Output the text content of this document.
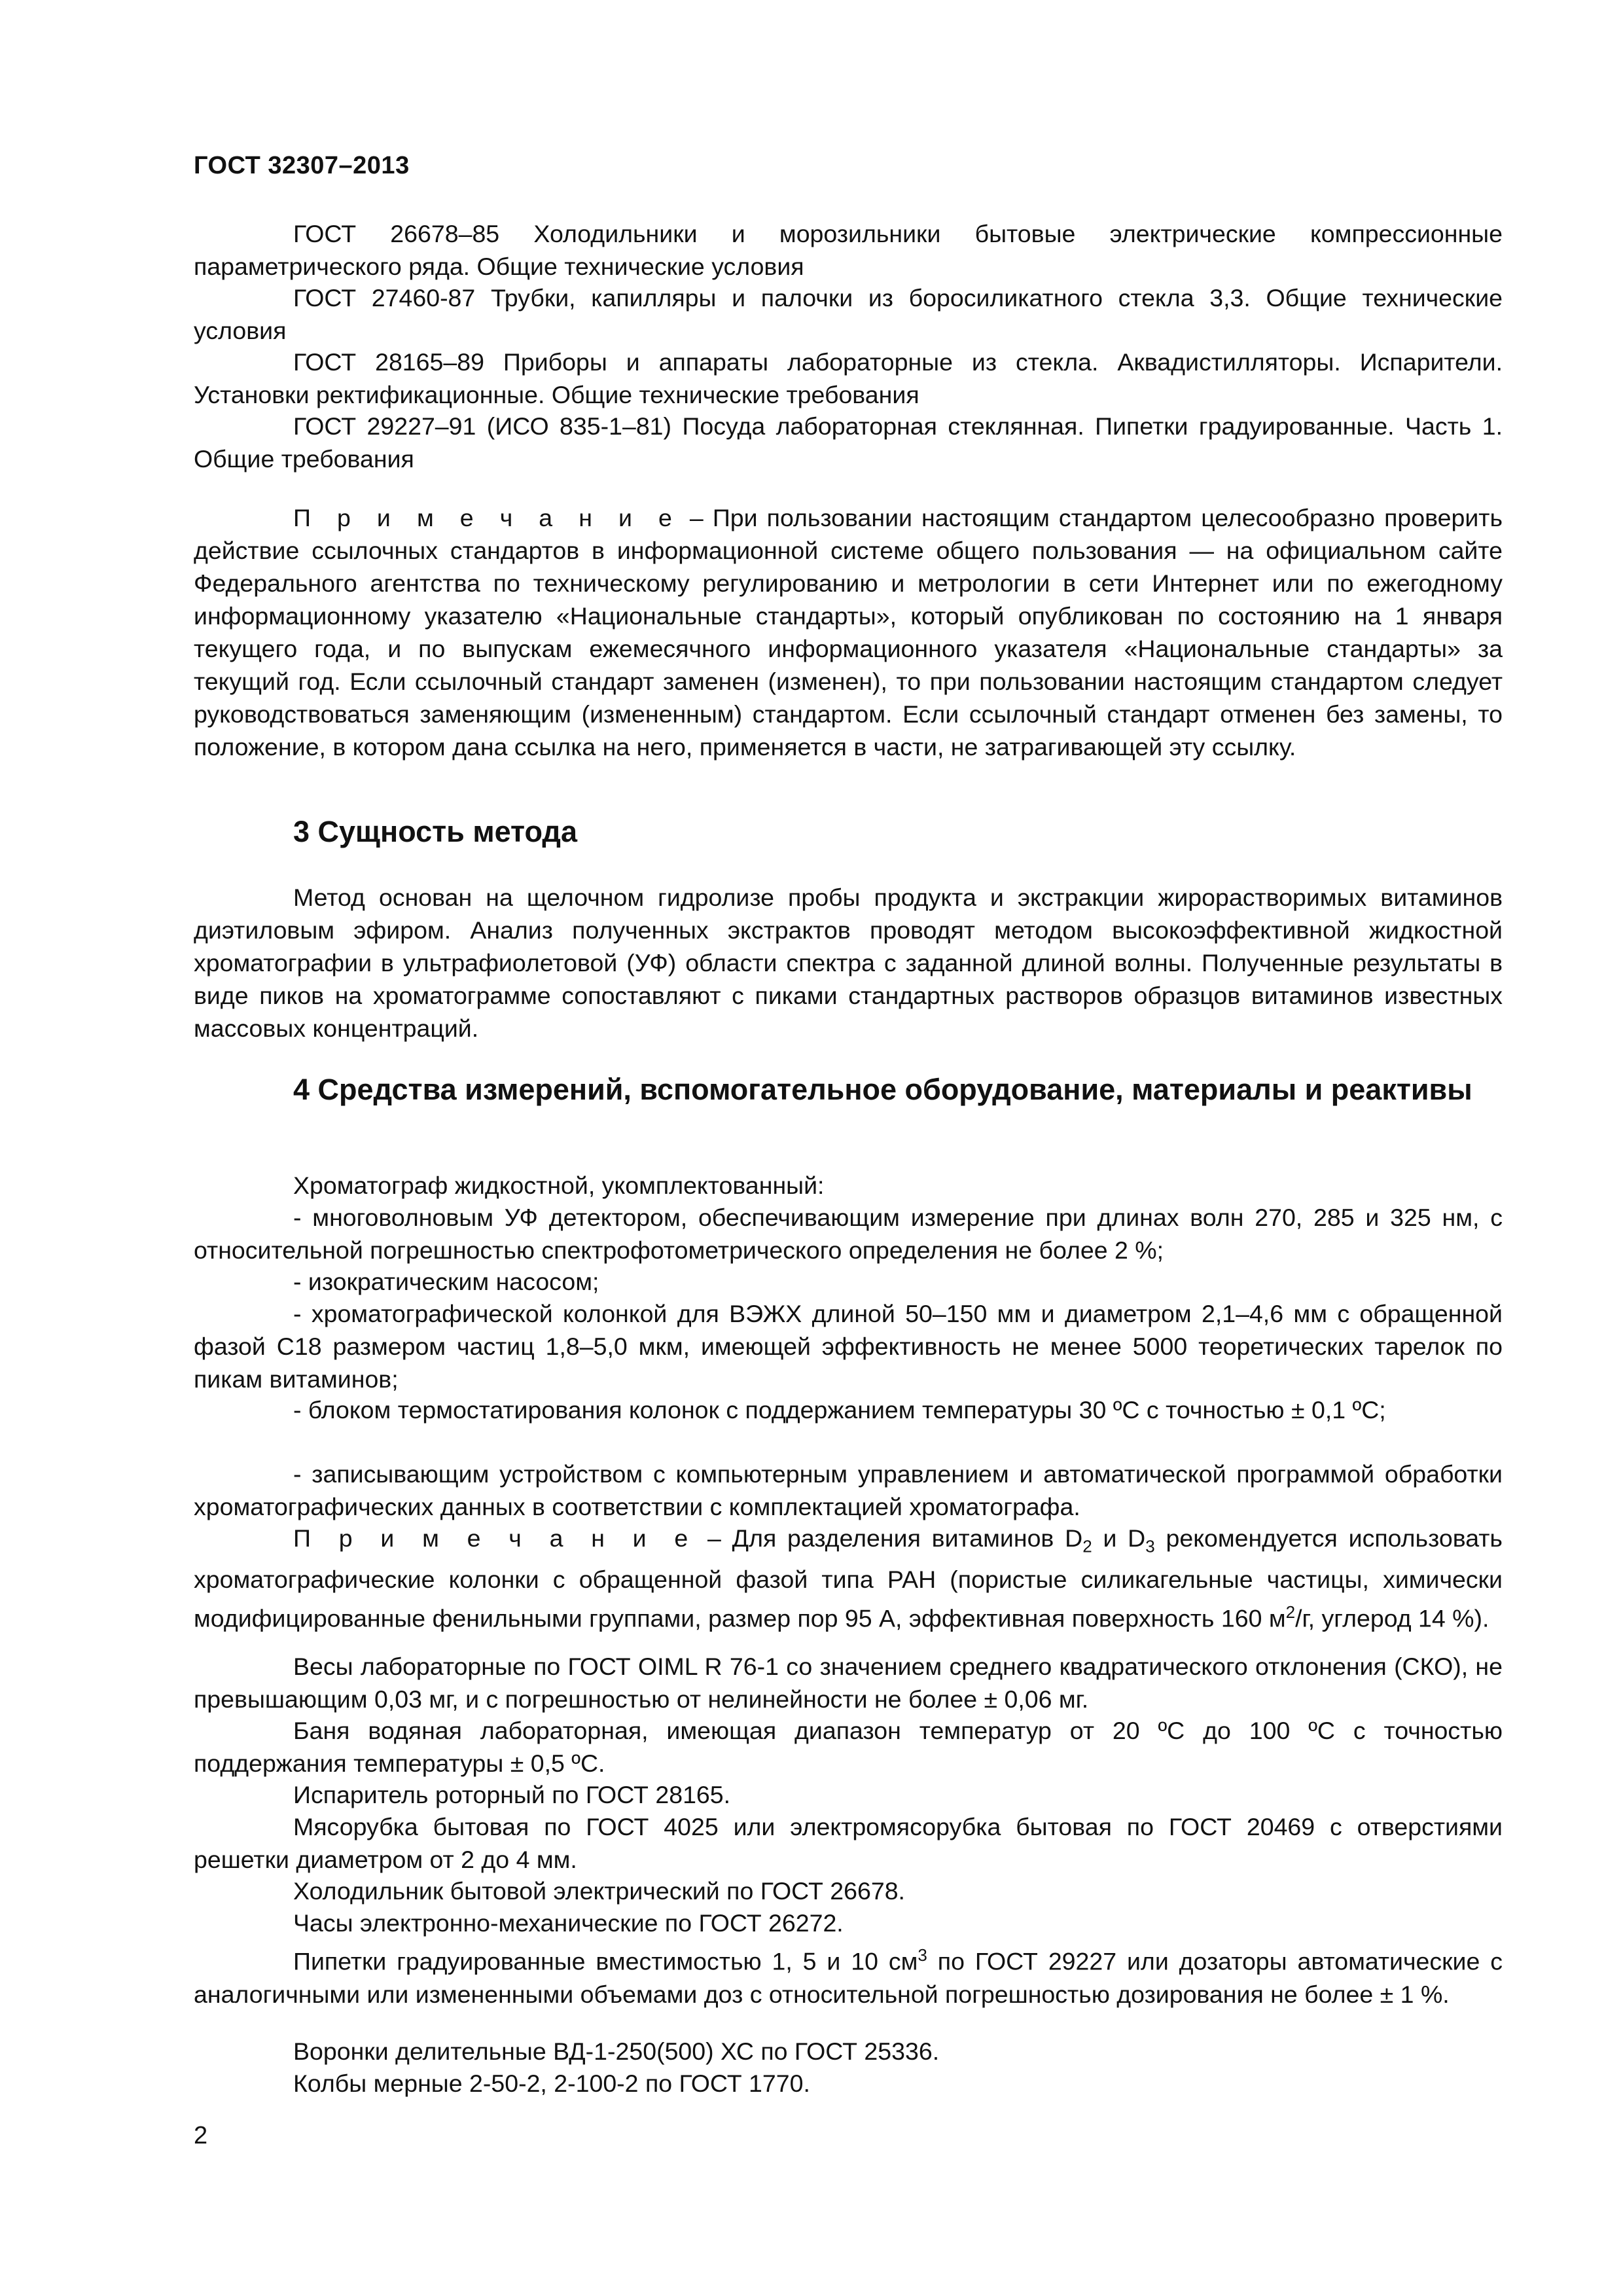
ГОСТ 32307–2013

ГОСТ 26678–85 Холодильники и морозильники бытовые электрические компрессионные параметрического ряда. Общие технические условия

ГОСТ 27460-87 Трубки, капилляры и палочки из боросиликатного стекла 3,3. Общие технические условия

ГОСТ 28165–89 Приборы и аппараты лабораторные из стекла. Аквадистилляторы. Испарители. Установки ректификационные. Общие технические требования

ГОСТ 29227–91 (ИСО 835-1–81) Посуда лабораторная стеклянная. Пипетки градуированные. Часть 1. Общие требования

П р и м е ч а н и е – При пользовании настоящим стандартом целесообразно проверить действие ссылочных стандартов в информационной системе общего пользования — на официальном сайте Федерального агентства по техническому регулированию и метрологии в сети Интернет или по ежегодному информационному указателю «Национальные стандарты», который опубликован по состоянию на 1 января текущего года, и по выпускам ежемесячного информационного указателя «Национальные стандарты» за текущий год. Если ссылочный стандарт заменен (изменен), то при пользовании настоящим стандартом следует руководствоваться заменяющим (измененным) стандартом. Если ссылочный стандарт отменен без замены, то положение, в котором дана ссылка на него, применяется в части, не затрагивающей эту ссылку.

3 Сущность метода

Метод основан на щелочном гидролизе пробы продукта и экстракции жирорастворимых витаминов диэтиловым эфиром. Анализ полученных экстрактов проводят методом высокоэффективной жидкостной хроматографии в ультрафиолетовой (УФ) области спектра с заданной длиной волны. Полученные результаты в виде пиков на хроматограмме сопоставляют с пиками стандартных растворов образцов витаминов известных массовых концентраций.

4 Средства измерений, вспомогательное оборудование, материалы и реактивы

Хроматограф жидкостной, укомплектованный:

- многоволновым УФ детектором, обеспечивающим измерение при длинах волн 270, 285 и 325 нм, с относительной погрешностью спектрофотометрического определения не более 2 %;

- изократическим насосом;

- хроматографической колонкой для ВЭЖХ длиной 50–150 мм и диаметром 2,1–4,6 мм с обращенной фазой С18 размером частиц 1,8–5,0 мкм, имеющей эффективность не менее 5000 теоретических тарелок по пикам витаминов;

- блоком термостатирования колонок с поддержанием температуры 30 ºС с точностью ± 0,1 ºС;

- записывающим устройством с компьютерным управлением и автоматической программой обработки хроматографических данных в соответствии с комплектацией хроматографа.

П р и м е ч а н и е – Для разделения витаминов $D_2$ и $D_3$ рекомендуется использовать хроматографические колонки с обращенной фазой типа PAH (пористые силикагельные частицы, химически модифицированные фенильными группами, размер пор 95 А, эффективная поверхность 160 $м^2/г$, углерод 14 %).

Весы лабораторные по ГОСТ OIML R 76-1 со значением среднего квадратического отклонения (СКО), не превышающим 0,03 мг, и с погрешностью от нелинейности не более ± 0,06 мг.

Баня водяная лабораторная, имеющая диапазон температур от 20 ºС до 100 ºС с точностью поддержания температуры ± 0,5 ºС.

Испаритель роторный по ГОСТ 28165.

Мясорубка бытовая по ГОСТ 4025 или электромясорубка бытовая по ГОСТ 20469 с отверстиями решетки диаметром от 2 до 4 мм.

Холодильник бытовой электрический по ГОСТ 26678.

Часы электронно-механические по ГОСТ 26272.

Пипетки градуированные вместимостью 1, 5 и 10 $см^3$ по ГОСТ 29227 или дозаторы автоматические с аналогичными или измененными объемами доз с относительной погрешностью дозирования не более ± 1 %.

Воронки делительные ВД-1-250(500) ХС по ГОСТ 25336.

Колбы мерные 2-50-2, 2-100-2 по ГОСТ 1770.

2
